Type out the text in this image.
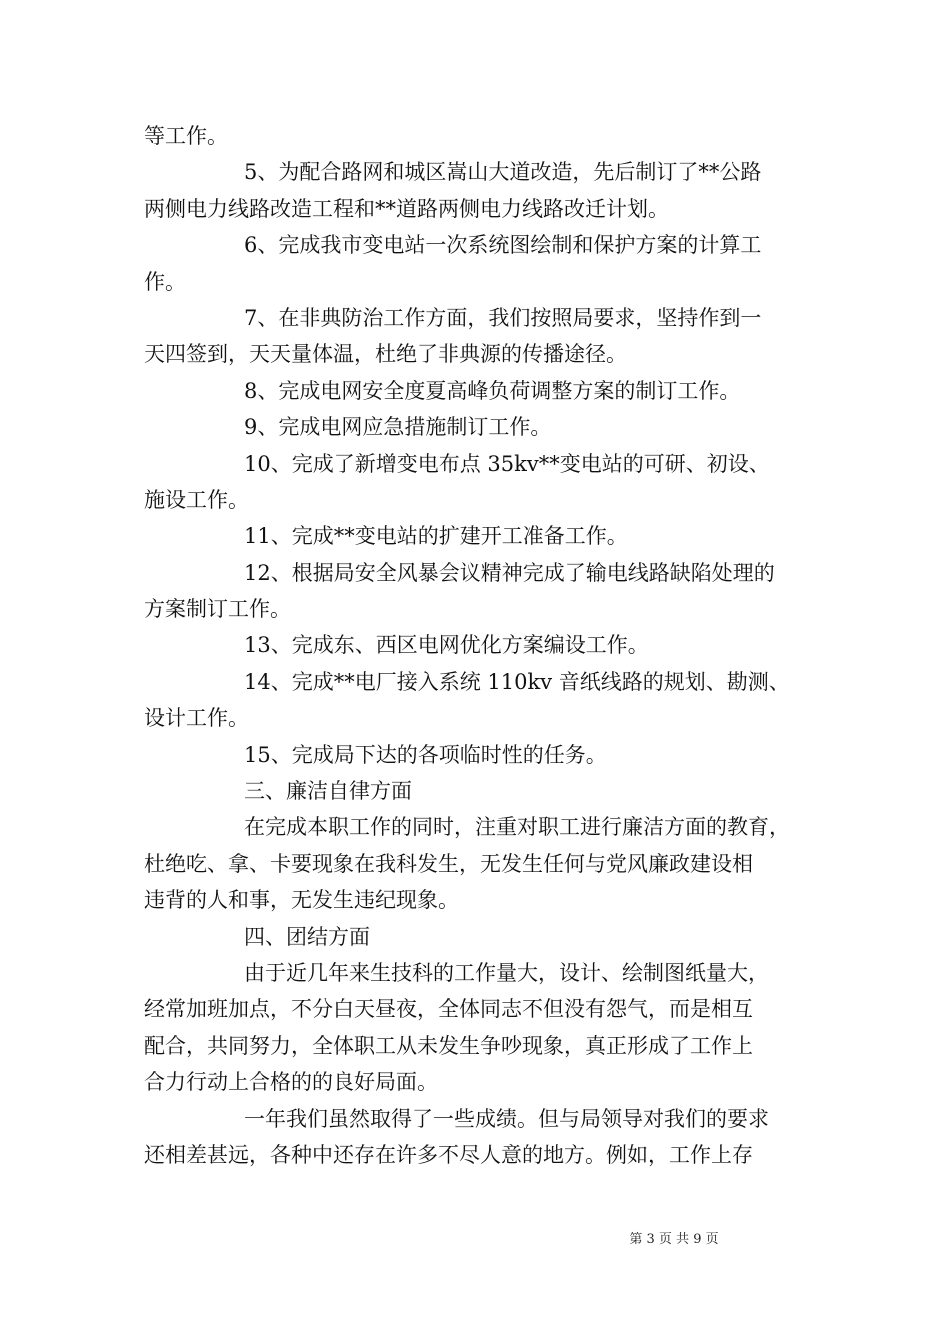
等工作。
5、为配合路网和城区嵩山大道改造，先后制订了**公路
两侧电力线路改造工程和**道路两侧电力线路改迁计划。
6、完成我市变电站一次系统图绘制和保护方案的计算工
作。
7、在非典防治工作方面，我们按照局要求，坚持作到一
天四签到，天天量体温，杜绝了非典源的传播途径。
8、完成电网安全度夏高峰负荷调整方案的制订工作。
9、完成电网应急措施制订工作。
10、完成了新增变电布点 35kv**变电站的可研、初设、
施设工作。
11、完成**变电站的扩建开工准备工作。
12、根据局安全风暴会议精神完成了输电线路缺陷处理的
方案制订工作。
13、完成东、西区电网优化方案编设工作。
14、完成**电厂接入系统 110kv 音纸线路的规划、勘测、
设计工作。
15、完成局下达的各项临时性的任务。
三、廉洁自律方面
在完成本职工作的同时，注重对职工进行廉洁方面的教育，
杜绝吃、拿、卡要现象在我科发生，无发生任何与党风廉政建设相
违背的人和事，无发生违纪现象。
四、团结方面
由于近几年来生技科的工作量大，设计、绘制图纸量大，
经常加班加点，不分白天昼夜，全体同志不但没有怨气，而是相互
配合，共同努力，全体职工从未发生争吵现象，真正形成了工作上
合力行动上合格的的良好局面。
一年我们虽然取得了一些成绩。但与局领导对我们的要求
还相差甚远，各种中还存在许多不尽人意的地方。例如，工作上存
第 3 页 共 9 页
